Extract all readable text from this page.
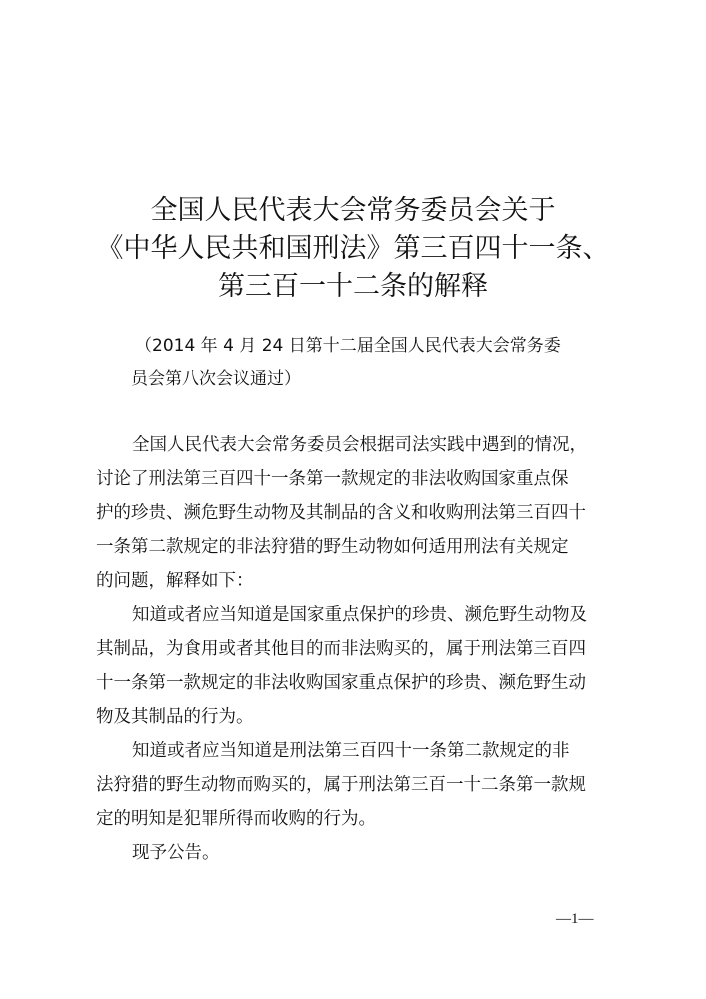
全国人民代表大会常务委员会关于
《中华人民共和国刑法》第三百四十一条、
第三百一十二条的解释
（2014 年 4 月 24 日第十二届全国人民代表大会常务委
员会第八次会议通过）
全国人民代表大会常务委员会根据司法实践中遇到的情况，
讨论了刑法第三百四十一条第一款规定的非法收购国家重点保
护的珍贵、濒危野生动物及其制品的含义和收购刑法第三百四十
一条第二款规定的非法狩猎的野生动物如何适用刑法有关规定
的问题，解释如下：
知道或者应当知道是国家重点保护的珍贵、濒危野生动物及
其制品，为食用或者其他目的而非法购买的，属于刑法第三百四
十一条第一款规定的非法收购国家重点保护的珍贵、濒危野生动
物及其制品的行为。
知道或者应当知道是刑法第三百四十一条第二款规定的非
法狩猎的野生动物而购买的，属于刑法第三百一十二条第一款规
定的明知是犯罪所得而收购的行为。
现予公告。
—1—
